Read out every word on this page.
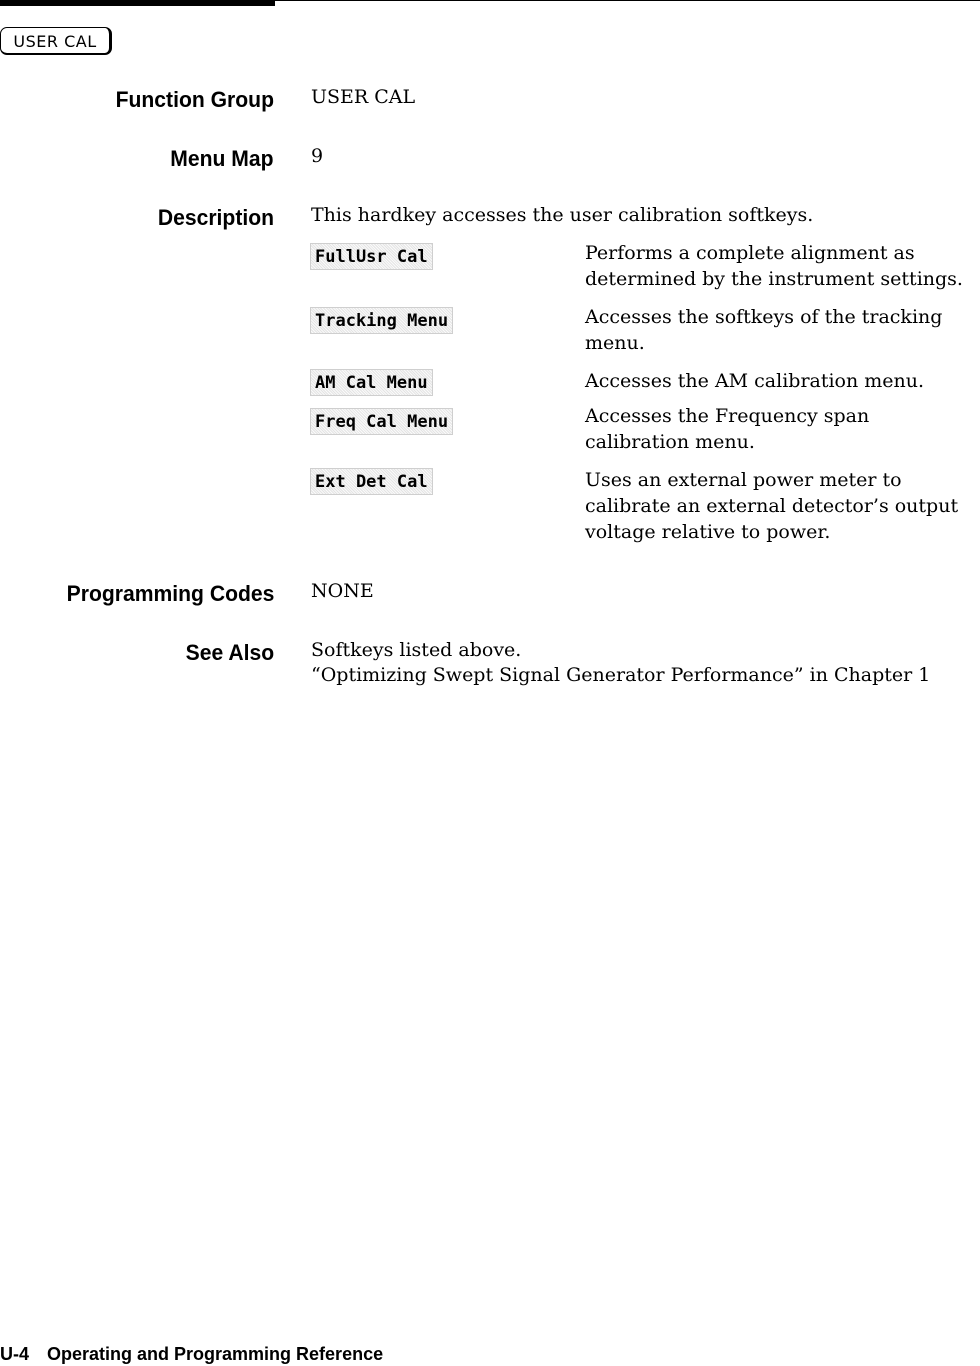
USER CAL
Function Group USER CAL
Menu Map 9
Description This hardkey accesses the user calibration softkeys.
FullUsr Cal	Performs a complete alignment as determined by the instrument settings.
Tracking Menu	Accesses the softkeys of the tracking menu.
AM Cal Menu	Accesses the AM calibration menu.
Freq Cal Menu	Accesses the Frequency span calibration menu.
Ext Det Cal	Uses an external power meter to calibrate an external detector’s output voltage relative to power.
Programming Codes NONE
See Also Softkeys listed above.
“Optimizing Swept Signal Generator Performance” in Chapter 1
U-4 Operating and Programming Reference
